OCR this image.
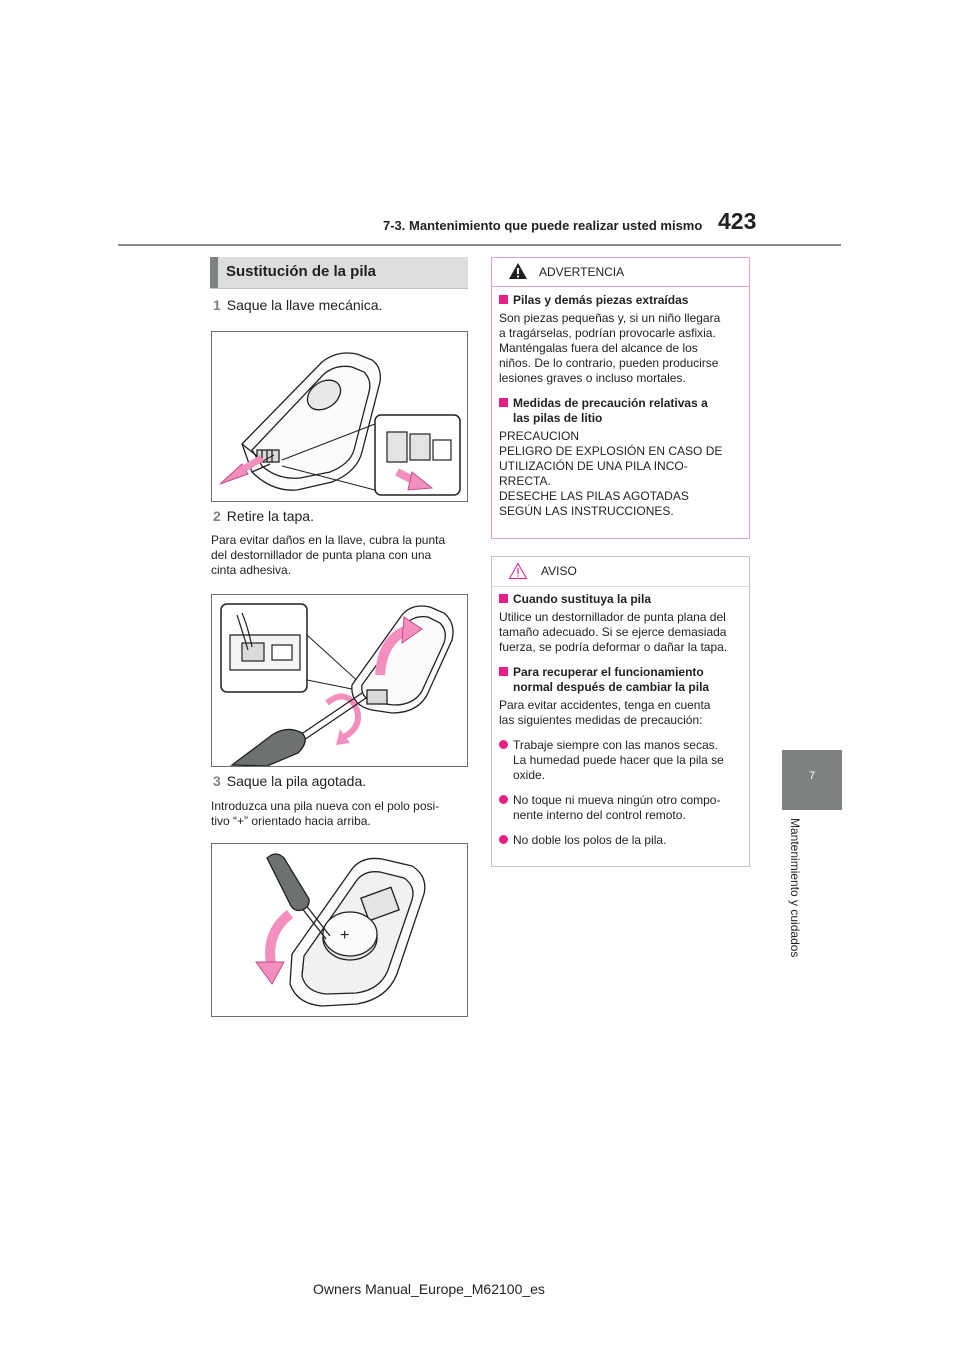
7-3. Mantenimiento que puede realizar usted mismo 423
7
Mantenimiento y cuidados
Sustitución de la pila
1 Saque la llave mecánica.
2 Retire la tapa.
Para evitar daños en la llave, cubra la punta
del destornillador de punta plana con una
cinta adhesiva.
3 Saque la pila agotada.
Introduzca una pila nueva con el polo posi-
tivo “+” orientado hacia arriba.
+
ADVERTENCIA
Pilas y demás piezas extraídas
Son piezas pequeñas y, si un niño llegara
a tragárselas, podrían provocarle asfixia.
Manténgalas fuera del alcance de los
niños. De lo contrario, pueden producirse
lesiones graves o incluso mortales.
Medidas de precaución relativas a
las pilas de litio
PRECAUCION
PELIGRO DE EXPLOSIÓN EN CASO DE
UTILIZACIÓN DE UNA PILA INCO-
RRECTA.
DESECHE LAS PILAS AGOTADAS
SEGÚN LAS INSTRUCCIONES.
AVISO
Cuando sustituya la pila
Utilice un destornillador de punta plana del
tamaño adecuado. Si se ejerce demasiada
fuerza, se podría deformar o dañar la tapa.
Para recuperar el funcionamiento
normal después de cambiar la pila
Para evitar accidentes, tenga en cuenta
las siguientes medidas de precaución:
Trabaje siempre con las manos secas.
La humedad puede hacer que la pila se
oxide.
No toque ni mueva ningún otro compo-
nente interno del control remoto.
No doble los polos de la pila.
Owners Manual_Europe_M62100_es
